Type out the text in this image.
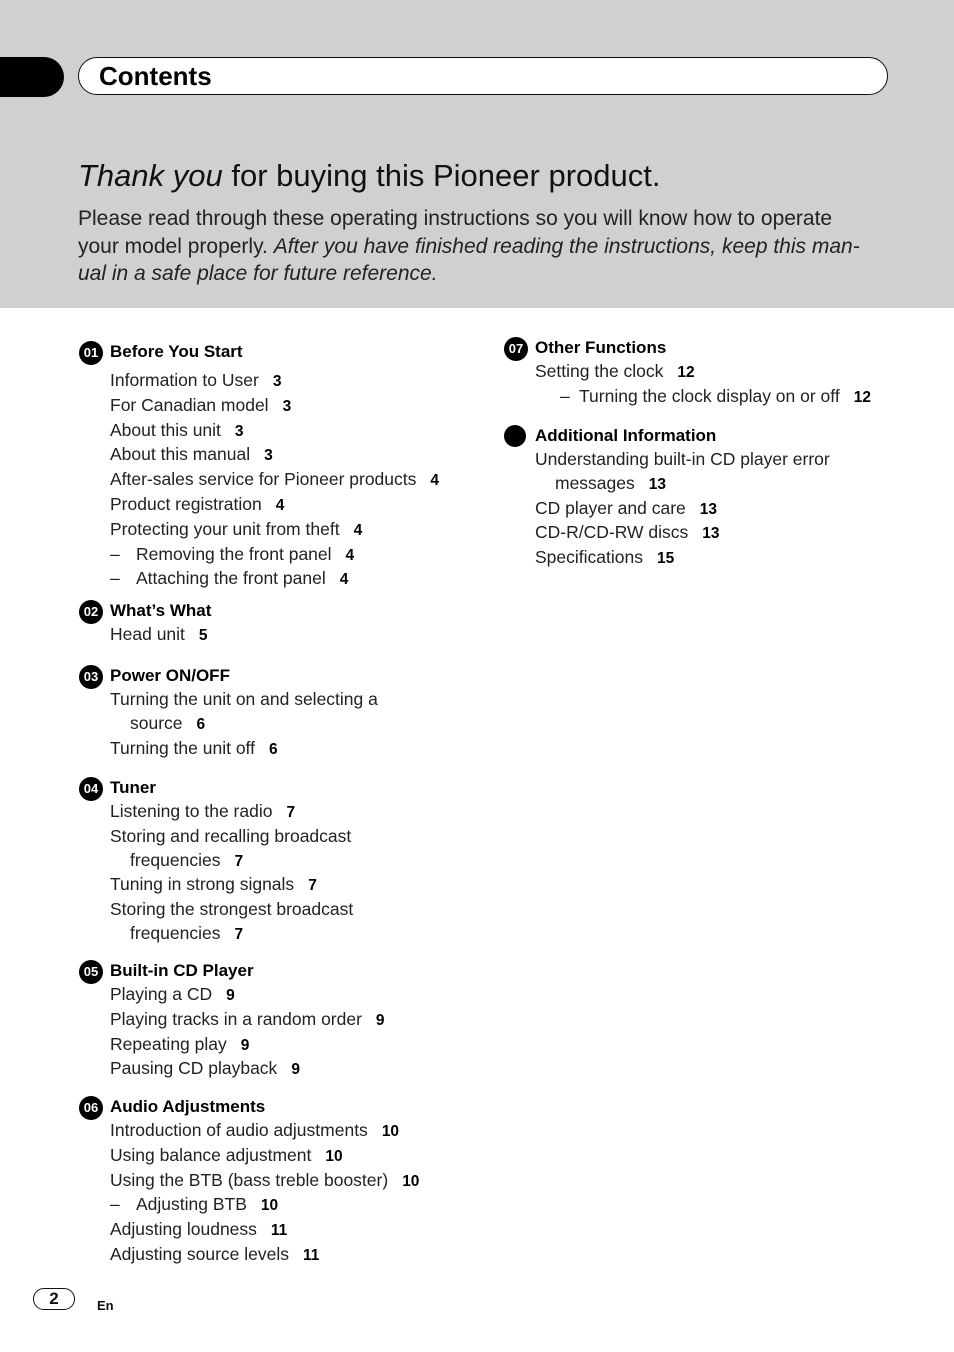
Contents
Thank you for buying this Pioneer product.

Please read through these operating instructions so you will know how to operate
your model properly. After you have finished reading the instructions, keep this man-
ual in a safe place for future reference.

01 Before You Start
Information to User 3
For Canadian model 3
About this unit 3
About this manual 3
After-sales service for Pioneer products 4
Product registration 4
Protecting your unit from theft 4
– Removing the front panel 4
– Attaching the front panel 4
02 What’s What
Head unit 5
03 Power ON/OFF
Turning the unit on and selecting a
source 6
Turning the unit off 6
04 Tuner
Listening to the radio 7
Storing and recalling broadcast
frequencies 7
Tuning in strong signals 7
Storing the strongest broadcast
frequencies 7
05 Built-in CD Player
Playing a CD 9
Playing tracks in a random order 9
Repeating play 9
Pausing CD playback 9
06 Audio Adjustments
Introduction of audio adjustments 10
Using balance adjustment 10
Using the BTB (bass treble booster) 10
– Adjusting BTB 10
Adjusting loudness 11
Adjusting source levels 11
07 Other Functions
Setting the clock 12
– Turning the clock display on or off 12
Additional Information
Understanding built-in CD player error
messages 13
CD player and care 13
CD-R/CD-RW discs 13
Specifications 15
2	En
